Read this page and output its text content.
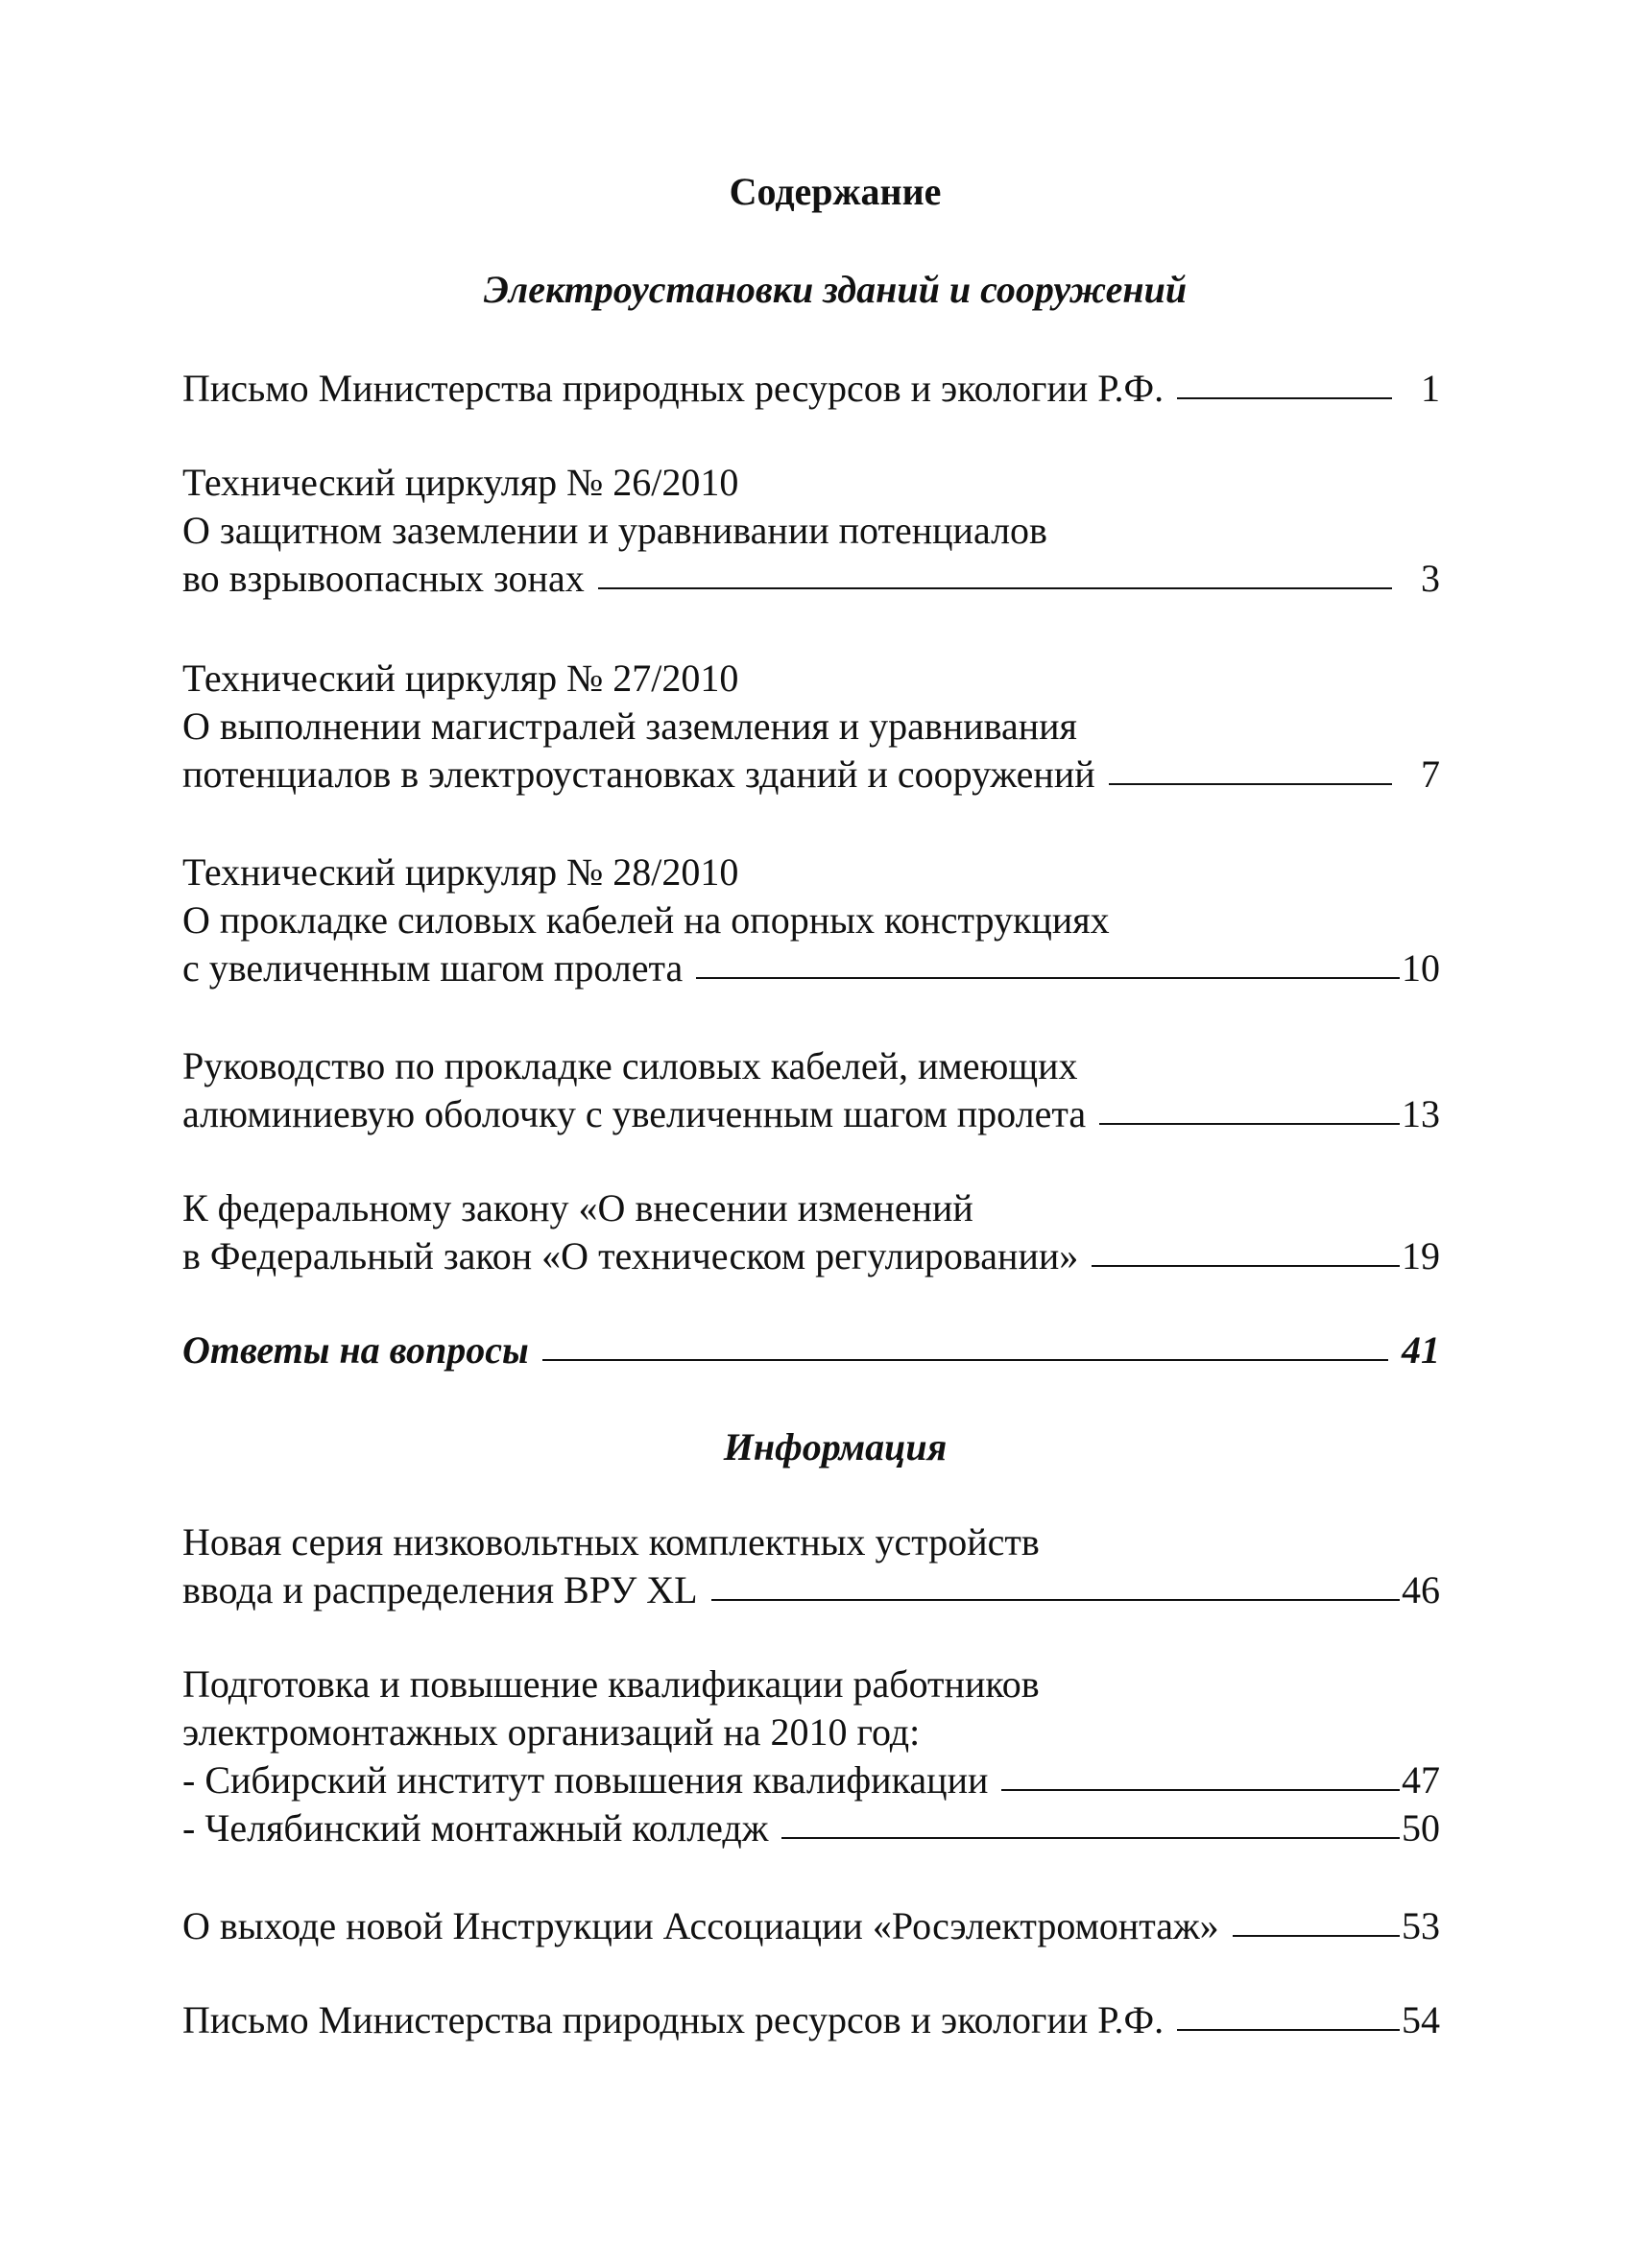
Содержание
Электроустановки зданий и сооружений
Письмо Министерства природных ресурсов и экологии Р.Ф.	1
Технический циркуляр № 26/2010
О защитном заземлении и уравнивании потенциалов
во взрывоопасных зонах	3
Технический циркуляр № 27/2010
О выполнении магистралей заземления и уравнивания
потенциалов в электроустановках зданий и сооружений	7
Технический циркуляр № 28/2010
О прокладке силовых кабелей на опорных конструкциях
с увеличенным шагом пролета	10
Руководство по прокладке силовых кабелей, имеющих
алюминиевую оболочку с увеличенным шагом пролета	13
К федеральному закону «О внесении изменений
в Федеральный закон «О техническом регулировании»	19
Ответы на вопросы	41
Информация
Новая серия низковольтных комплектных устройств
ввода и распределения ВРУ XL	46
Подготовка и повышение квалификации работников
электромонтажных организаций на 2010 год:
- Сибирский институт повышения квалификации	47
- Челябинский монтажный колледж	50
О выходе новой Инструкции Ассоциации «Росэлектромонтаж»	53
Письмо Министерства природных ресурсов и экологии Р.Ф.	54
